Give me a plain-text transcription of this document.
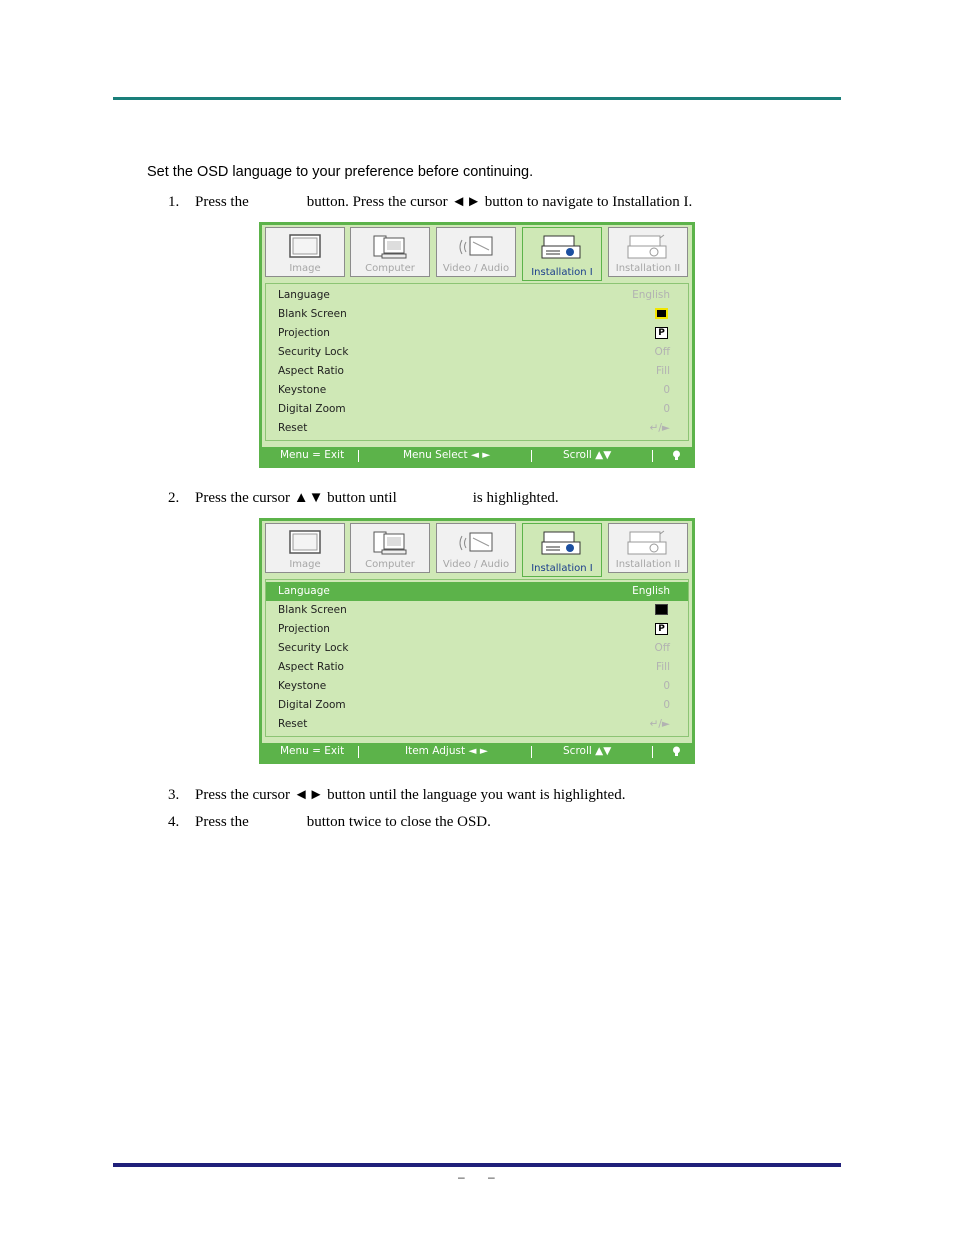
Set the OSD language to your preference before continuing.
1. Press the	button. Press the cursor ◄► button to navigate to Installation I.
Image	Computer	Video / Audio	Installation I	Installation II
Language	English
Blank Screen
Projection	P
Security Lock	Off
Aspect Ratio	Fill
Keystone	0
Digital Zoom	0
Reset	↵/►
Menu = Exit	Menu Select ◄ ►	Scroll ▲▼
2. Press the cursor ▲▼ button until	is highlighted.
Image	Computer	Video / Audio	Installation I	Installation II
Language	English
Blank Screen
Projection	P
Security Lock	Off
Aspect Ratio	Fill
Keystone	0
Digital Zoom	0
Reset	↵/►
Menu = Exit	Item Adjust ◄ ►	Scroll ▲▼
3. Press the cursor ◄► button until the language you want is highlighted.
4. Press the	button twice to close the OSD.
– –
